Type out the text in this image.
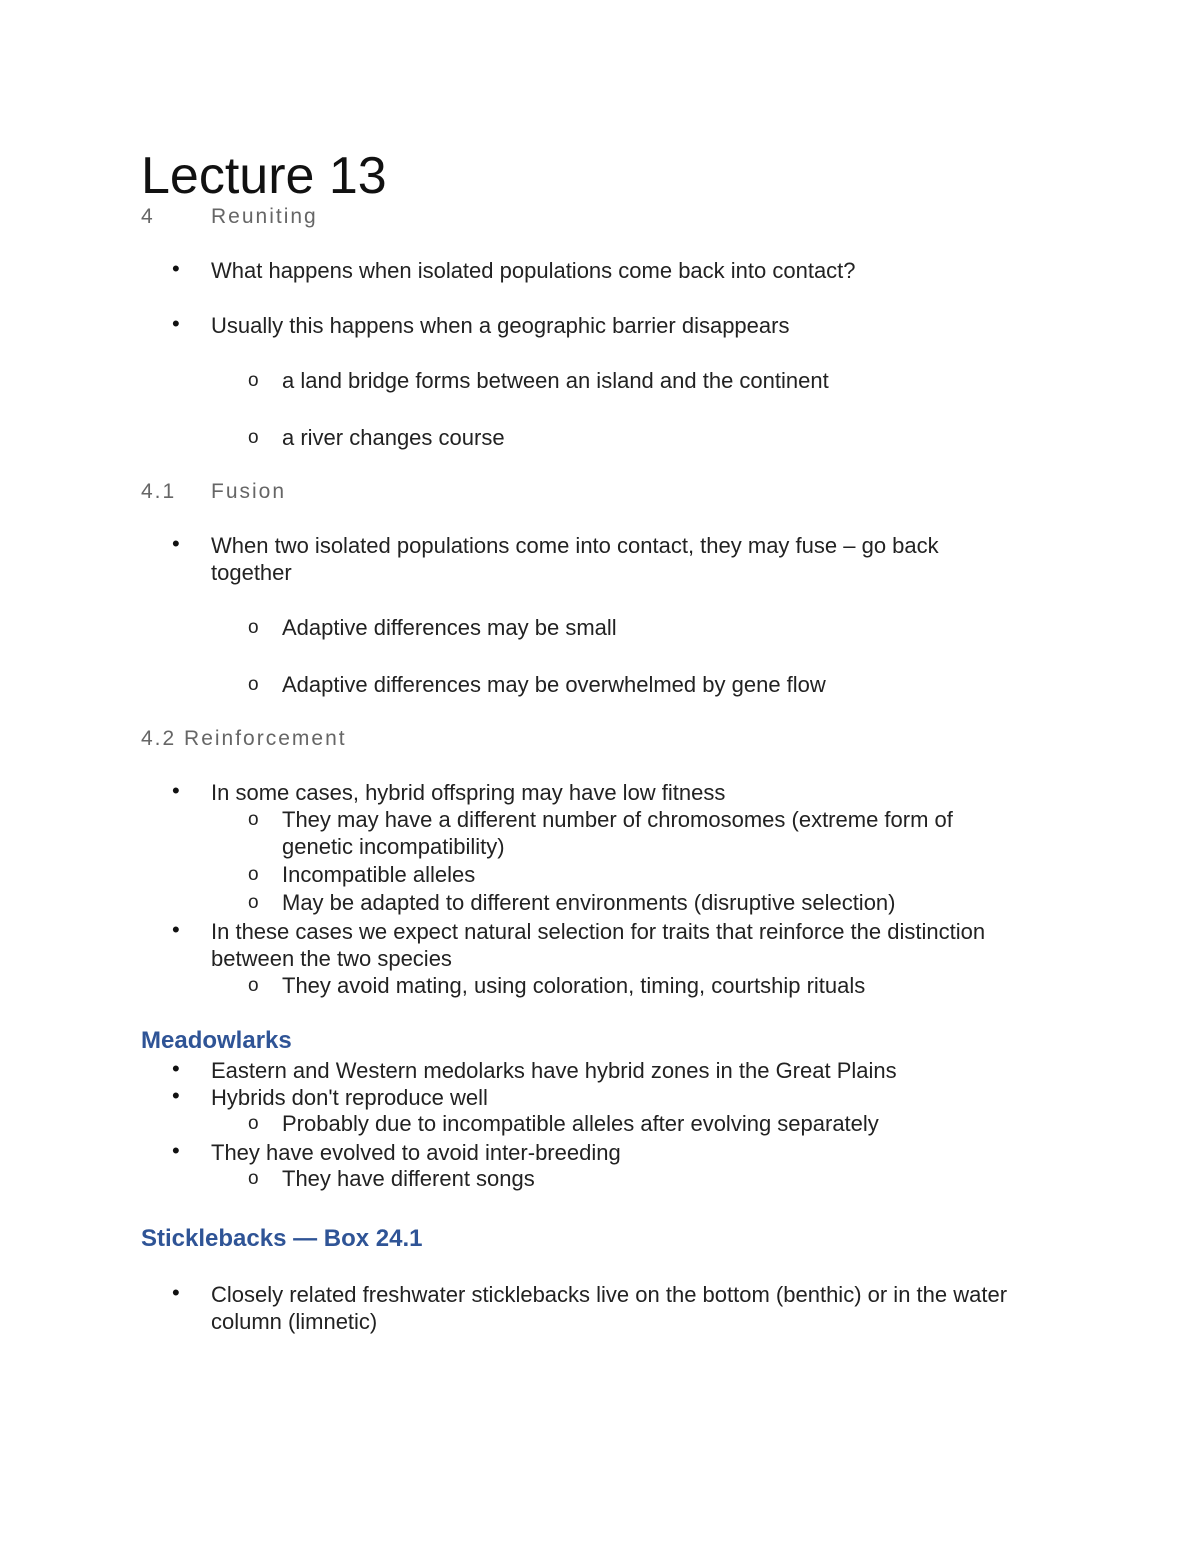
Lecture 13
4	Reuniting
• What happens when isolated populations come back into contact?
• Usually this happens when a geographic barrier disappears
o a land bridge forms between an island and the continent
o a river changes course
4.1 Fusion
• When two isolated populations come into contact, they may fuse – go back together
o Adaptive differences may be small
o Adaptive differences may be overwhelmed by gene flow
4.2 Reinforcement
• In some cases, hybrid offspring may have low fitness
o They may have a different number of chromosomes (extreme form of genetic incompatibility)
o Incompatible alleles
o May be adapted to different environments (disruptive selection)
• In these cases we expect natural selection for traits that reinforce the distinction between the two species
o They avoid mating, using coloration, timing, courtship rituals
Meadowlarks
• Eastern and Western medolarks have hybrid zones in the Great Plains
• Hybrids don't reproduce well
o Probably due to incompatible alleles after evolving separately
• They have evolved to avoid inter-breeding
o They have different songs
Sticklebacks — Box 24.1
• Closely related freshwater sticklebacks live on the bottom (benthic) or in the water column (limnetic)
